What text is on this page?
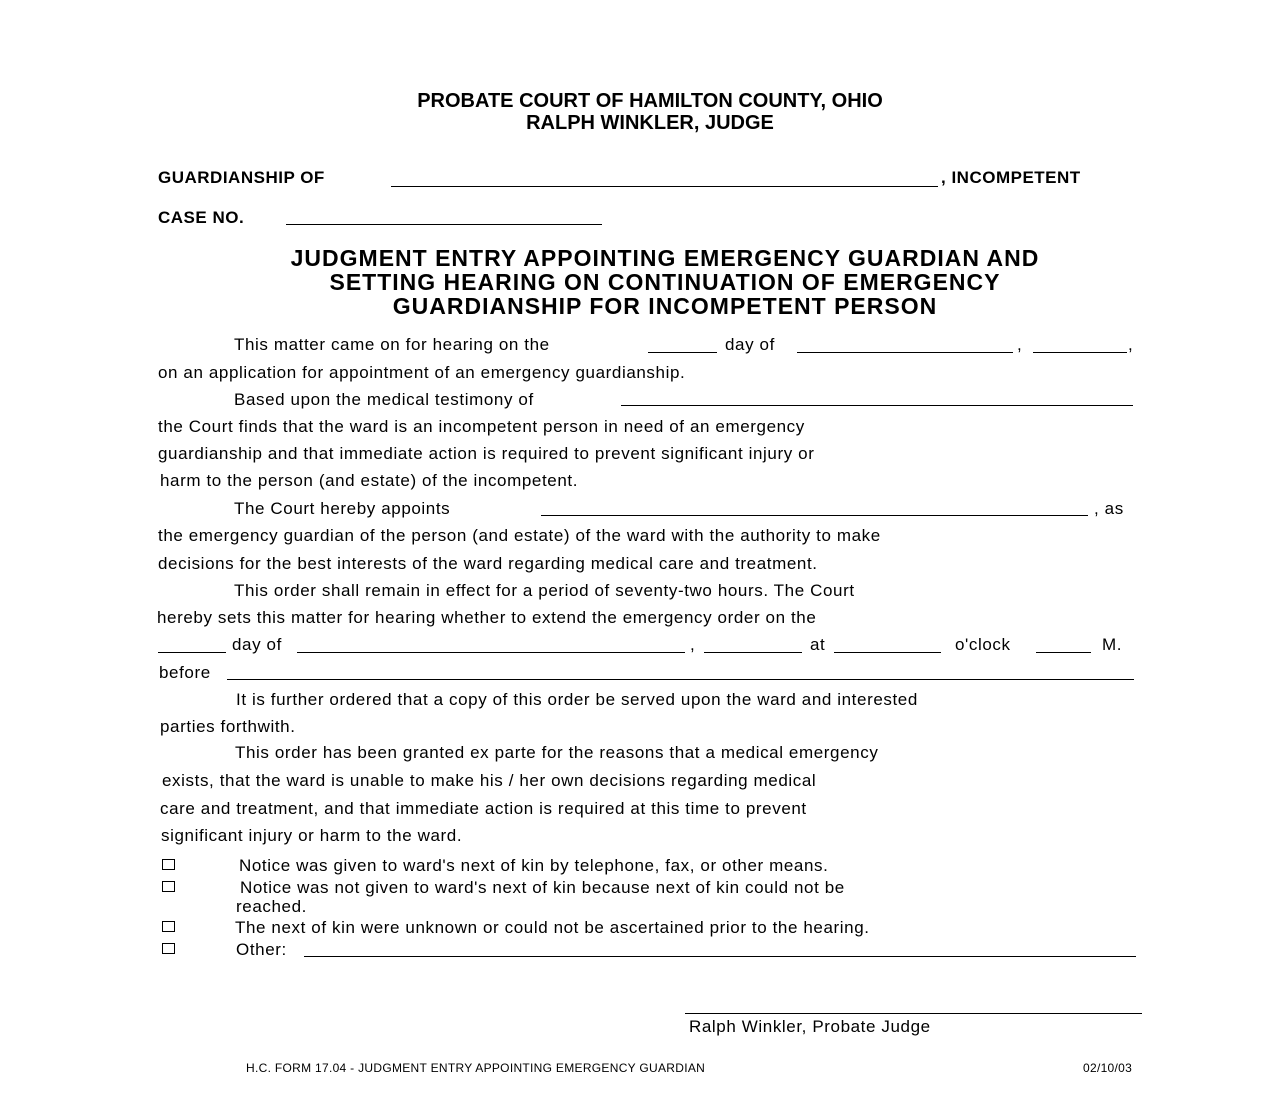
PROBATE COURT OF HAMILTON COUNTY, OHIO
RALPH WINKLER, JUDGE
GUARDIANSHIP OF	, INCOMPETENT
CASE NO.
JUDGMENT ENTRY APPOINTING EMERGENCY GUARDIAN AND
SETTING HEARING ON CONTINUATION OF EMERGENCY
GUARDIANSHIP FOR INCOMPETENT PERSON
This matter came on for hearing on the	day of	,	,
on an application for appointment of an emergency guardianship.
Based upon the medical testimony of
the Court finds that the ward is an incompetent person in need of an emergency
guardianship and that immediate action is required to prevent significant injury or
harm to the person (and estate) of the incompetent.
The Court hereby appoints	, as
the emergency guardian of the person (and estate) of the ward with the authority to make
decisions for the best interests of the ward regarding medical care and treatment.
This order shall remain in effect for a period of seventy-two hours. The Court
hereby sets this matter for hearing whether to extend the emergency order on the
day of	,	at	o'clock	M.
before
It is further ordered that a copy of this order be served upon the ward and interested
parties forthwith.
This order has been granted ex parte for the reasons that a medical emergency
exists, that the ward is unable to make his / her own decisions regarding medical
care and treatment, and that immediate action is required at this time to prevent
significant injury or harm to the ward.
Notice was given to ward's next of kin by telephone, fax, or other means.
Notice was not given to ward's next of kin because next of kin could not be
reached.
The next of kin were unknown or could not be ascertained prior to the hearing.
Other:
Ralph Winkler, Probate Judge
H.C. FORM 17.04 - JUDGMENT ENTRY APPOINTING EMERGENCY GUARDIAN	02/10/03
